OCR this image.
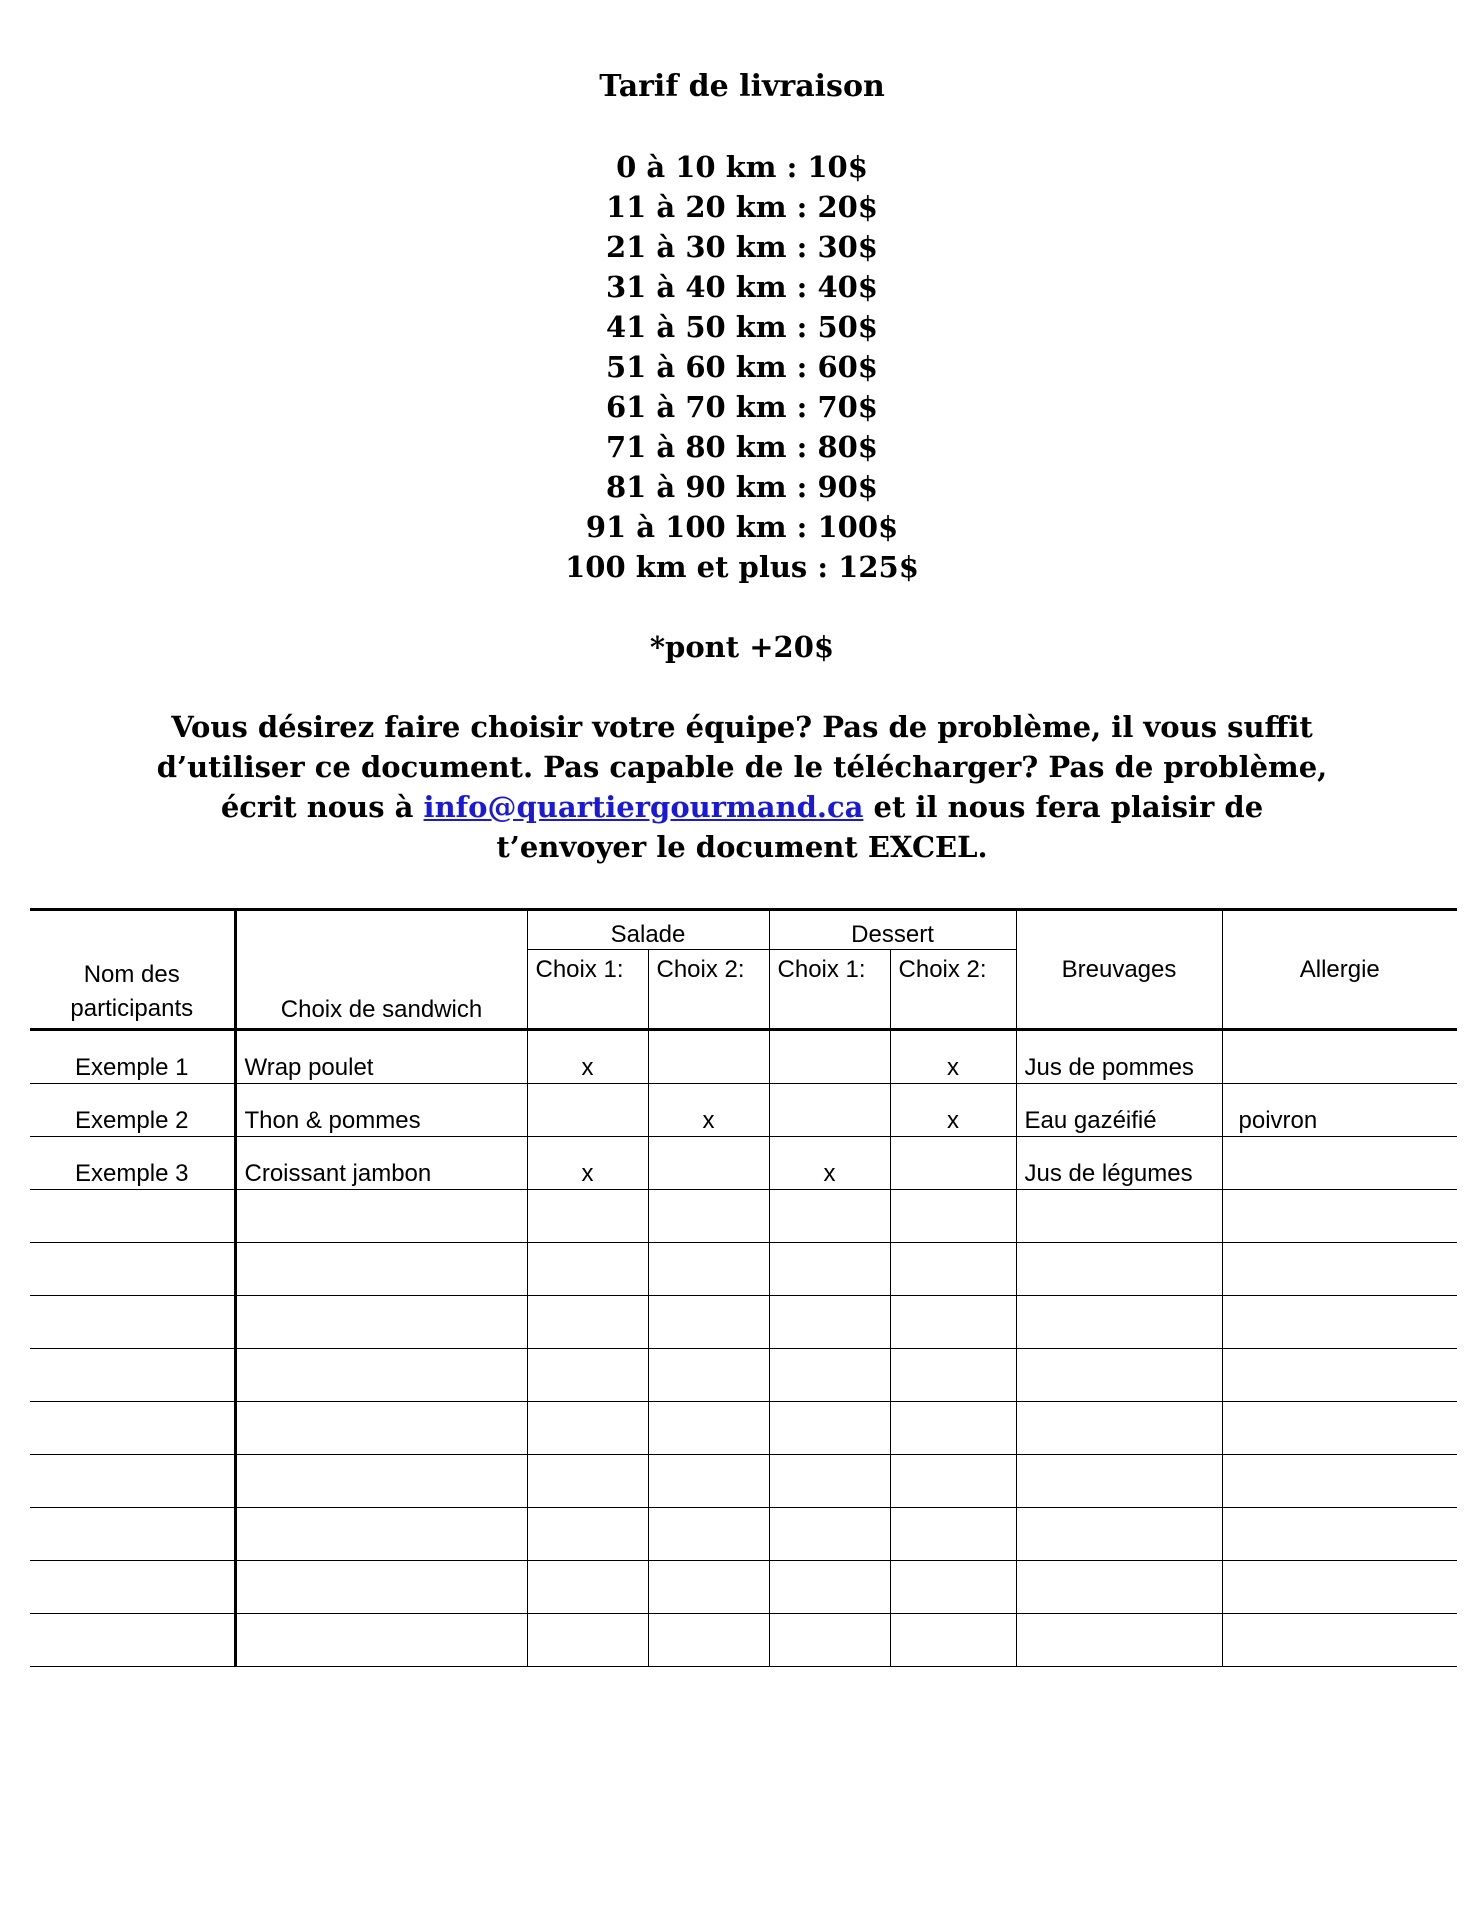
Tarif de livraison

0 à 10 km : 10$
11 à 20 km : 20$
21 à 30 km : 30$
31 à 40 km : 40$
41 à 50 km : 50$
51 à 60 km : 60$
61 à 70 km : 70$
71 à 80 km : 80$
81 à 90 km : 90$
91 à 100 km : 100$
100 km et plus : 125$
*pont +20$
Vous désirez faire choisir votre équipe? Pas de problème, il vous suffit
d’utiliser ce document. Pas capable de le télécharger? Pas de problème,
écrit nous à info@quartiergourmand.ca et il nous fera plaisir de
t’envoyer le document EXCEL.
Nom des participants	Choix de sandwich	Salade		Dessert		Breuvages	Allergie
		Choix 1:	Choix 2:	Choix 1:	Choix 2:		
Exemple 1	Wrap poulet	x			x	Jus de pommes	
Exemple 2	Thon & pommes		x		x	Eau gazéifié	poivron
Exemple 3	Croissant jambon	x		x		Jus de légumes	
